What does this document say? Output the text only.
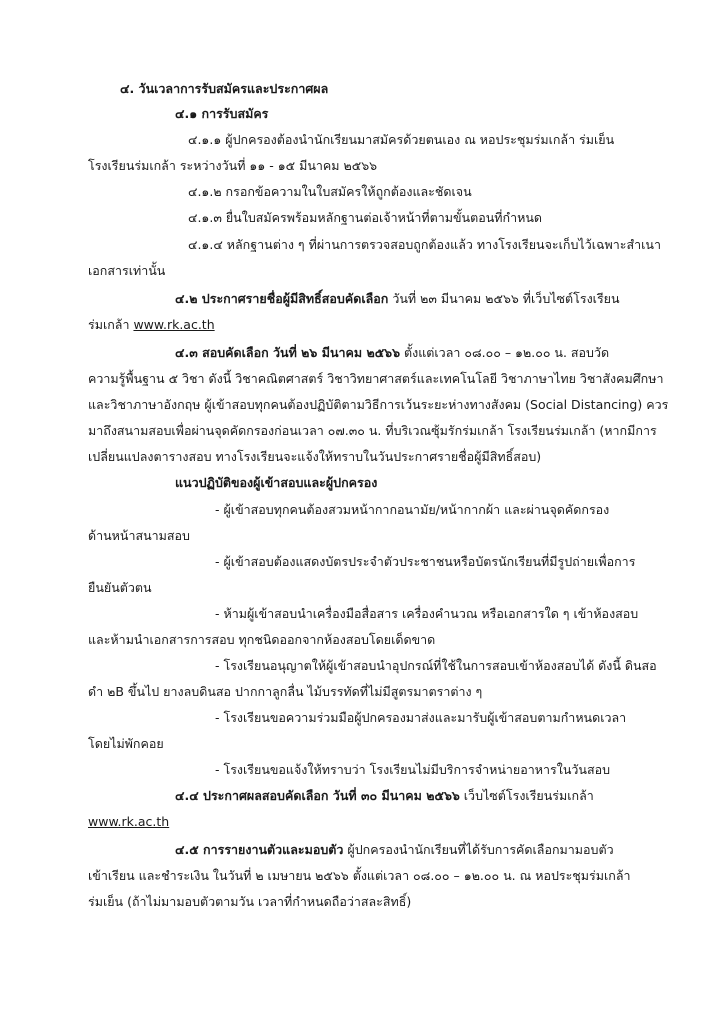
๔. วันเวลาการรับสมัครและประกาศผล
๔.๑ การรับสมัคร
๔.๑.๑ ผู้ปกครองต้องนำนักเรียนมาสมัครด้วยตนเอง ณ หอประชุมร่มเกล้า ร่มเย็น
โรงเรียนร่มเกล้า ระหว่างวันที่ ๑๑ - ๑๕ มีนาคม ๒๕๖๖
๔.๑.๒ กรอกข้อความในใบสมัครให้ถูกต้องและชัดเจน
๔.๑.๓ ยื่นใบสมัครพร้อมหลักฐานต่อเจ้าหน้าที่ตามขั้นตอนที่กำหนด
๔.๑.๔ หลักฐานต่าง ๆ ที่ผ่านการตรวจสอบถูกต้องแล้ว ทางโรงเรียนจะเก็บไว้เฉพาะสำเนา
เอกสารเท่านั้น
๔.๒ ประกาศรายชื่อผู้มีสิทธิ์สอบคัดเลือก วันที่ ๒๓ มีนาคม ๒๕๖๖ ที่เว็บไซต์โรงเรียน
ร่มเกล้า www.rk.ac.th
๔.๓ สอบคัดเลือก วันที่ ๒๖ มีนาคม ๒๕๖๖ ตั้งแต่เวลา ๐๘.๐๐ – ๑๒.๐๐ น. สอบวัด
ความรู้พื้นฐาน ๕ วิชา ดังนี้ วิชาคณิตศาสตร์ วิชาวิทยาศาสตร์และเทคโนโลยี วิชาภาษาไทย วิชาสังคมศึกษา
และวิชาภาษาอังกฤษ ผู้เข้าสอบทุกคนต้องปฏิบัติตามวิธีการเว้นระยะห่างทางสังคม (Social Distancing) ควร
มาถึงสนามสอบเพื่อผ่านจุดคัดกรองก่อนเวลา ๐๗.๓๐ น. ที่บริเวณซุ้มรักร่มเกล้า โรงเรียนร่มเกล้า (หากมีการ
เปลี่ยนแปลงตารางสอบ ทางโรงเรียนจะแจ้งให้ทราบในวันประกาศรายชื่อผู้มีสิทธิ์สอบ)
แนวปฏิบัติของผู้เข้าสอบและผู้ปกครอง
- ผู้เข้าสอบทุกคนต้องสวมหน้ากากอนามัย/หน้ากากผ้า และผ่านจุดคัดกรอง
ด้านหน้าสนามสอบ
- ผู้เข้าสอบต้องแสดงบัตรประจำตัวประชาชนหรือบัตรนักเรียนที่มีรูปถ่ายเพื่อการ
ยืนยันตัวตน
- ห้ามผู้เข้าสอบนำเครื่องมือสื่อสาร เครื่องคำนวณ หรือเอกสารใด ๆ เข้าห้องสอบ
และห้ามนำเอกสารการสอบ ทุกชนิดออกจากห้องสอบโดยเด็ดขาด
- โรงเรียนอนุญาตให้ผู้เข้าสอบนำอุปกรณ์ที่ใช้ในการสอบเข้าห้องสอบได้ ดังนี้ ดินสอ
ดำ ๒B ขึ้นไป ยางลบดินสอ ปากกาลูกลื่น ไม้บรรทัดที่ไม่มีสูตรมาตราต่าง ๆ
- โรงเรียนขอความร่วมมือผู้ปกครองมาส่งและมารับผู้เข้าสอบตามกำหนดเวลา
โดยไม่พักคอย
- โรงเรียนขอแจ้งให้ทราบว่า โรงเรียนไม่มีบริการจำหน่ายอาหารในวันสอบ
๔.๔ ประกาศผลสอบคัดเลือก วันที่ ๓๐ มีนาคม ๒๕๖๖ เว็บไซต์โรงเรียนร่มเกล้า
www.rk.ac.th
๔.๕ การรายงานตัวและมอบตัว ผู้ปกครองนำนักเรียนที่ได้รับการคัดเลือกมามอบตัว
เข้าเรียน และชำระเงิน ในวันที่ ๒ เมษายน ๒๕๖๖ ตั้งแต่เวลา ๐๘.๐๐ – ๑๒.๐๐ น. ณ หอประชุมร่มเกล้า
ร่มเย็น (ถ้าไม่มามอบตัวตามวัน เวลาที่กำหนดถือว่าสละสิทธิ์)
